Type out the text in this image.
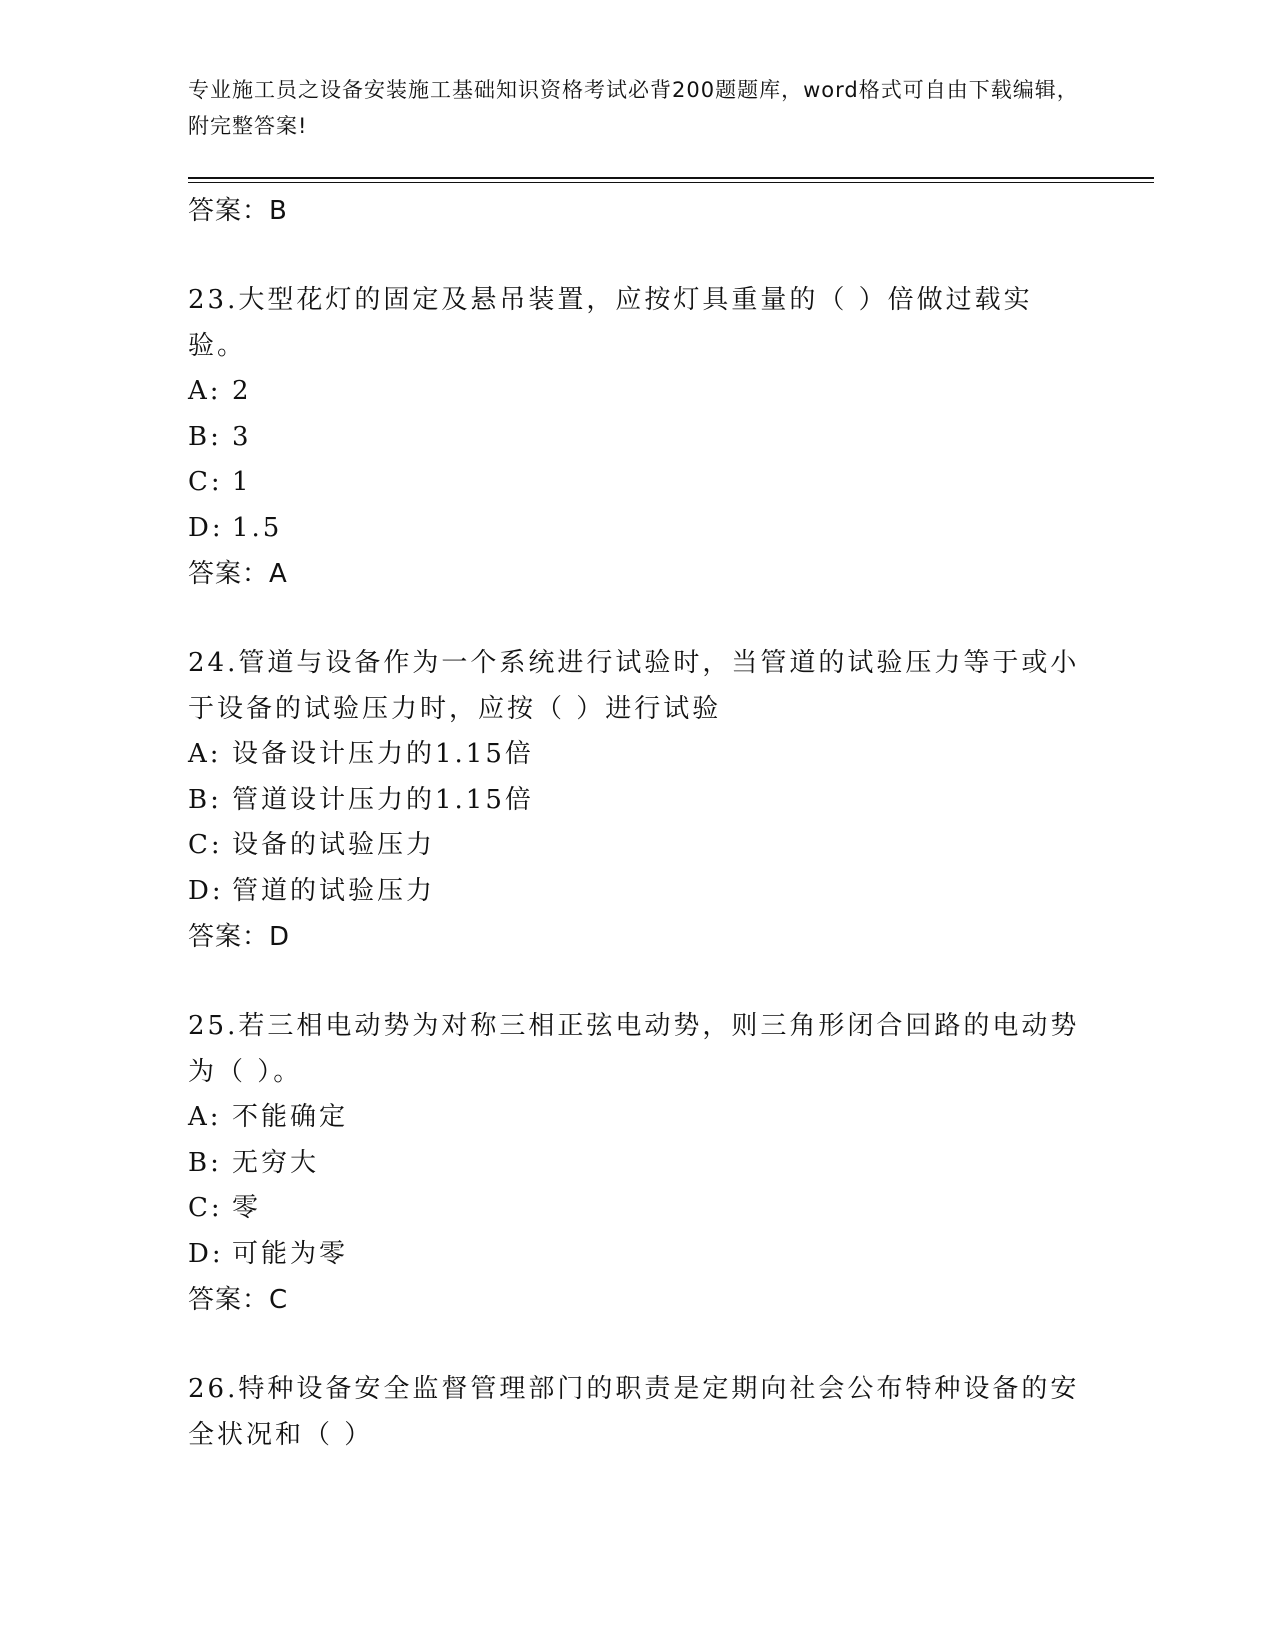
专业施工员之设备安装施工基础知识资格考试必背200题题库，word格式可自由下载编辑，附完整答案!
答案：B
23.大型花灯的固定及悬吊装置，应按灯具重量的（ ）倍做过载实验。
A: 2
B: 3
C: 1
D: 1.5
答案：A
24.管道与设备作为一个系统进行试验时，当管道的试验压力等于或小于设备的试验压力时，应按（ ）进行试验
A: 设备设计压力的1.15倍
B: 管道设计压力的1.15倍
C: 设备的试验压力
D: 管道的试验压力
答案：D
25.若三相电动势为对称三相正弦电动势，则三角形闭合回路的电动势为（ ）。
A: 不能确定
B: 无穷大
C: 零
D: 可能为零
答案：C
26.特种设备安全监督管理部门的职责是定期向社会公布特种设备的安全状况和（ ）
